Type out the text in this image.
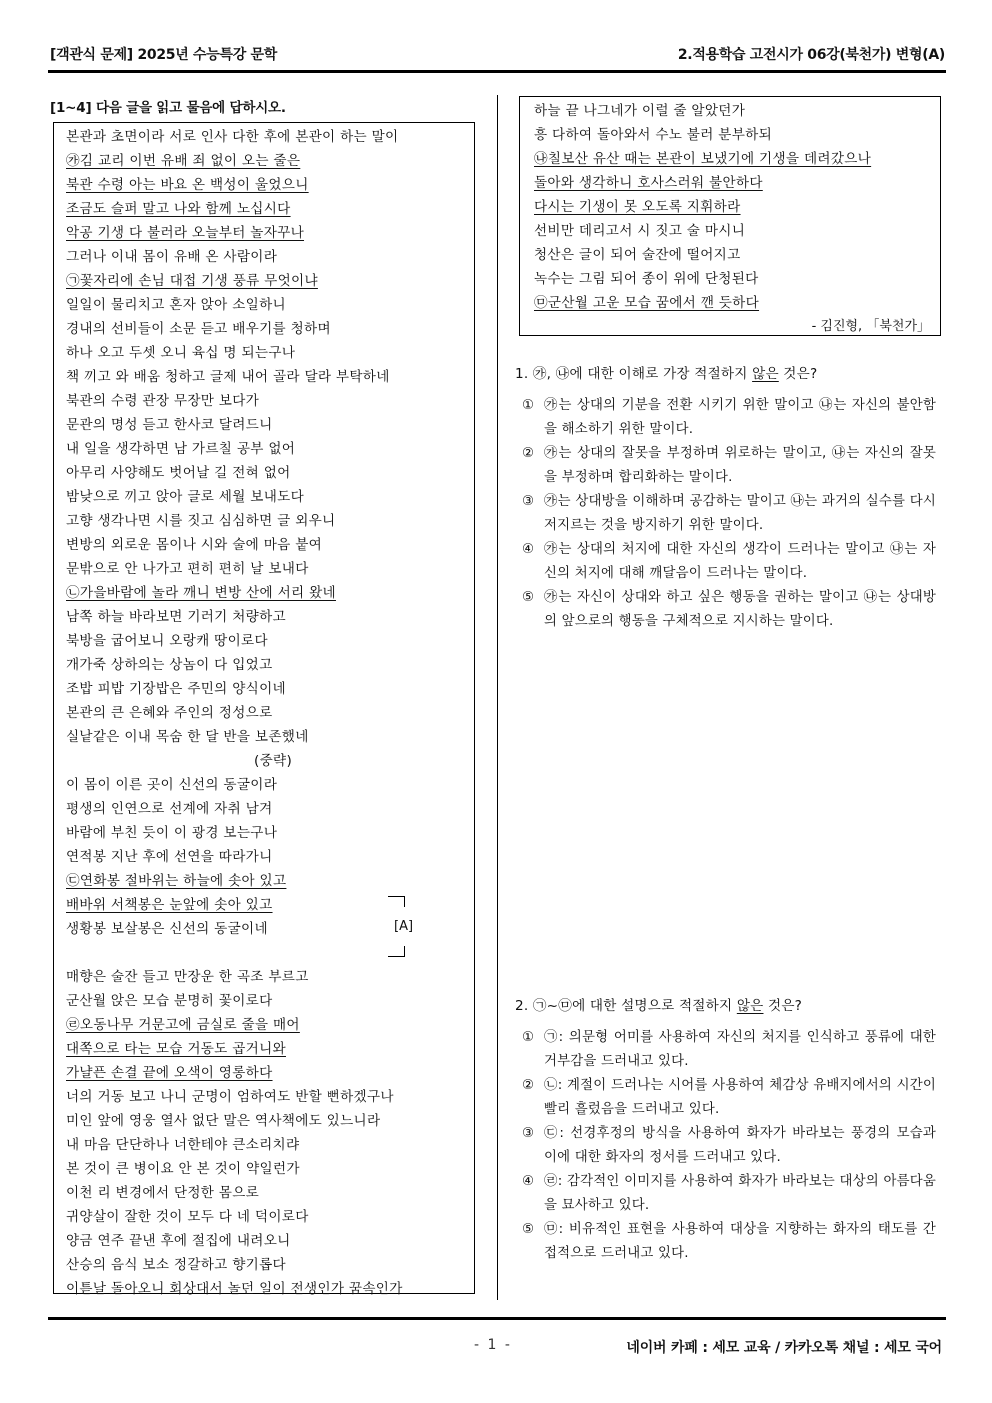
[객관식 문제] 2025년 수능특강 문학	2.적용학습 고전시가 06강(북천가) 변형(A)
[1~4] 다음 글을 읽고 물음에 답하시오.
본관과 초면이라 서로 인사 다한 후에 본관이 하는 말이
㉮김 교리 이번 유배 죄 없이 오는 줄은
북관 수령 아는 바요 온 백성이 울었으니
조금도 슬퍼 말고 나와 함께 노십시다
악공 기생 다 불러라 오늘부터 놀자꾸나
그러나 이내 몸이 유배 온 사람이라
㉠꽃자리에 손님 대접 기생 풍류 무엇이냐
일일이 물리치고 혼자 앉아 소일하니
경내의 선비들이 소문 듣고 배우기를 청하며
하나 오고 두셋 오니 육십 명 되는구나
책 끼고 와 배움 청하고 글제 내어 골라 달라 부탁하네
북관의 수령 관장 무장만 보다가
문관의 명성 듣고 한사코 달려드니
내 일을 생각하면 남 가르칠 공부 없어
아무리 사양해도 벗어날 길 전혀 없어
밤낮으로 끼고 앉아 글로 세월 보내도다
고향 생각나면 시를 짓고 심심하면 글 외우니
변방의 외로운 몸이나 시와 술에 마음 붙여
문밖으로 안 나가고 편히 편히 날 보내다
㉡가을바람에 놀라 깨니 변방 산에 서리 왔네
남쪽 하늘 바라보면 기러기 처량하고
북방을 굽어보니 오랑캐 땅이로다
개가죽 상하의는 상놈이 다 입었고
조밥 피밥 기장밥은 주민의 양식이네
본관의 큰 은혜와 주인의 정성으로
실낱같은 이내 목숨 한 달 반을 보존했네
(중략)
이 몸이 이른 곳이 신선의 동굴이라
평생의 인연으로 선계에 자취 남겨
바람에 부친 듯이 이 광경 보는구나
연적봉 지난 후에 선연을 따라가니
㉢연화봉 절바위는 하늘에 솟아 있고
배바위 서책봉은 눈앞에 솟아 있고
생황봉 보살봉은 신선의 동굴이네
매향은 술잔 들고 만장운 한 곡조 부르고
군산월 앉은 모습 분명히 꽃이로다
㉣오동나무 거문고에 금실로 줄을 매어
대쪽으로 타는 모습 거동도 곱거니와
가냘픈 손결 끝에 오색이 영롱하다
너의 거동 보고 나니 군명이 엄하여도 반할 뻔하겠구나
미인 앞에 영웅 열사 없단 말은 역사책에도 있느니라
내 마음 단단하나 너한테야 큰소리치랴
본 것이 큰 병이요 안 본 것이 약일런가
이천 리 변경에서 단정한 몸으로
귀양살이 잘한 것이 모두 다 네 덕이로다
양금 연주 끝낸 후에 절집에 내려오니
산승의 음식 보소 정갈하고 향기롭다
이튿날 돌아오니 회상대서 놀던 일이 전생인가 꿈속인가
[A]
하늘 끝 나그네가 이럴 줄 알았던가
흥 다하여 돌아와서 수노 불러 분부하되
㉯칠보산 유산 때는 본관이 보냈기에 기생을 데려갔으나
돌아와 생각하니 호사스러워 불안하다
다시는 기생이 못 오도록 지휘하라
선비만 데리고서 시 짓고 술 마시니
청산은 글이 되어 술잔에 떨어지고
녹수는 그림 되어 종이 위에 단청된다
㉤군산월 고운 모습 꿈에서 깬 듯하다
- 김진형, 「북천가」
1. ㉮, ㉯에 대한 이해로 가장 적절하지 않은 것은?
① ㉮는 상대의 기분을 전환 시키기 위한 말이고 ㉯는 자신의 불안함을 해소하기 위한 말이다.
② ㉮는 상대의 잘못을 부정하며 위로하는 말이고, ㉯는 자신의 잘못을 부정하며 합리화하는 말이다.
③ ㉮는 상대방을 이해하며 공감하는 말이고 ㉯는 과거의 실수를 다시 저지르는 것을 방지하기 위한 말이다.
④ ㉮는 상대의 처지에 대한 자신의 생각이 드러나는 말이고 ㉯는 자신의 처지에 대해 깨달음이 드러나는 말이다.
⑤ ㉮는 자신이 상대와 하고 싶은 행동을 권하는 말이고 ㉯는 상대방의 앞으로의 행동을 구체적으로 지시하는 말이다.
2. ㉠~㉤에 대한 설명으로 적절하지 않은 것은?
① ㉠: 의문형 어미를 사용하여 자신의 처지를 인식하고 풍류에 대한 거부감을 드러내고 있다.
② ㉡: 계절이 드러나는 시어를 사용하여 체감상 유배지에서의 시간이 빨리 흘렀음을 드러내고 있다.
③ ㉢: 선경후정의 방식을 사용하여 화자가 바라보는 풍경의 모습과 이에 대한 화자의 정서를 드러내고 있다.
④ ㉣: 감각적인 이미지를 사용하여 화자가 바라보는 대상의 아름다움을 묘사하고 있다.
⑤ ㉤: 비유적인 표현을 사용하여 대상을 지향하는 화자의 태도를 간접적으로 드러내고 있다.
- 1 -	네이버 카페 : 세모 교육 / 카카오톡 채널 : 세모 국어
